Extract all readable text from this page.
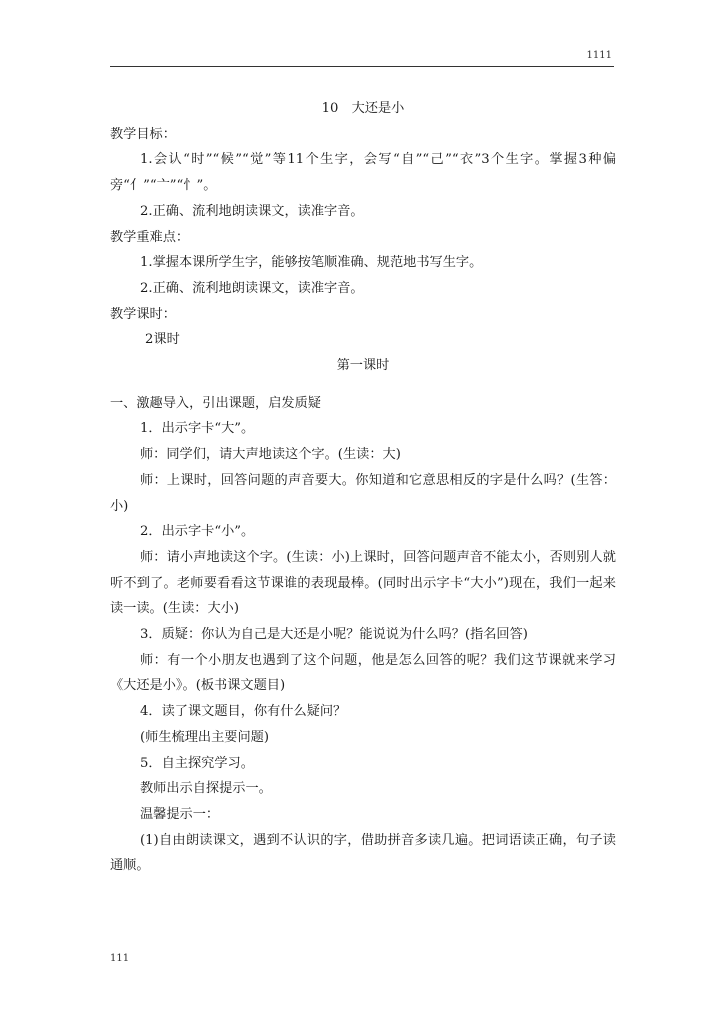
1111

10　大还是小

教学目标：

1.会认“时”“候”“觉”等11个生字，会写“自”“己”“衣”3个生字。掌握3种偏旁“亻”“亠”“忄”。

2.正确、流利地朗读课文，读准字音。

教学重难点：

1.掌握本课所学生字，能够按笔顺准确、规范地书写生字。

2.正确、流利地朗读课文，读准字音。

教学课时：

2课时

第一课时

一、激趣导入，引出课题，启发质疑

1．出示字卡“大”。

师：同学们，请大声地读这个字。(生读：大)

师：上课时，回答问题的声音要大。你知道和它意思相反的字是什么吗？(生答：小)

2．出示字卡“小”。

师：请小声地读这个字。(生读：小)上课时，回答问题声音不能太小，否则别人就听不到了。老师要看看这节课谁的表现最棒。(同时出示字卡“大小”)现在，我们一起来读一读。(生读：大小)

3．质疑：你认为自己是大还是小呢？能说说为什么吗？(指名回答)

师：有一个小朋友也遇到了这个问题，他是怎么回答的呢？我们这节课就来学习《大还是小》。(板书课文题目)

4．读了课文题目，你有什么疑问？

(师生梳理出主要问题)

5．自主探究学习。

教师出示自探提示一。

温馨提示一：

(1)自由朗读课文，遇到不认识的字，借助拼音多读几遍。把词语读正确，句子读通顺。

111
